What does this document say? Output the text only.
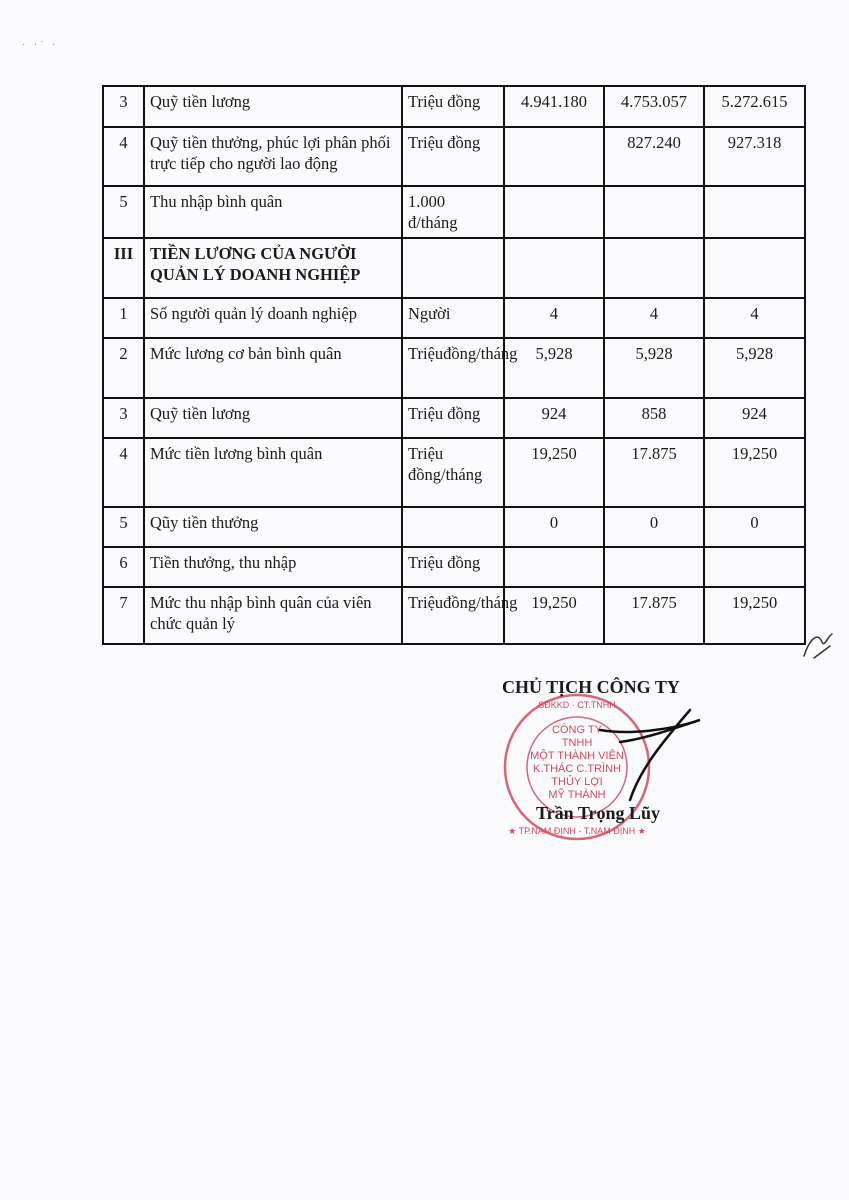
· ·˙ ·
3	Quỹ tiền lương	Triệu đồng	4.941.180	4.753.057	5.272.615
4	Quỹ tiền thưởng, phúc lợi phân phối trực tiếp cho người lao động	Triệu đồng		827.240	927.318
5	Thu nhập bình quân	1.000 đ/tháng			
III	TIỀN LƯƠNG CỦA NGƯỜI QUẢN LÝ DOANH NGHIỆP				
1	Số người quản lý doanh nghiệp	Người	4	4	4
2	Mức lương cơ bản bình quân	Triệuđồng/tháng	5,928	5,928	5,928
3	Quỹ tiền lương	Triệu đồng	924	858	924
4	Mức tiền lương bình quân	Triệu đồng/tháng	19,250	17.875	19,250
5	Qũy tiền thưởng		0	0	0
6	Tiền thưởng, thu nhập	Triệu đồng			
7	Mức thu nhập bình quân của viên chức quản lý	Triệuđồng/tháng	19,250	17.875	19,250
SĐKKD · CT.TNHH
★ TP.NAM ĐỊNH - T.NAM ĐỊNH ★
CÔNG TY
TNHH
MỘT THÀNH VIÊN
K.THÁC C.TRÌNH
THỦY LỢI
MỸ THÀNH
CHỦ TỊCH CÔNG TY
Trần Trọng Lũy
